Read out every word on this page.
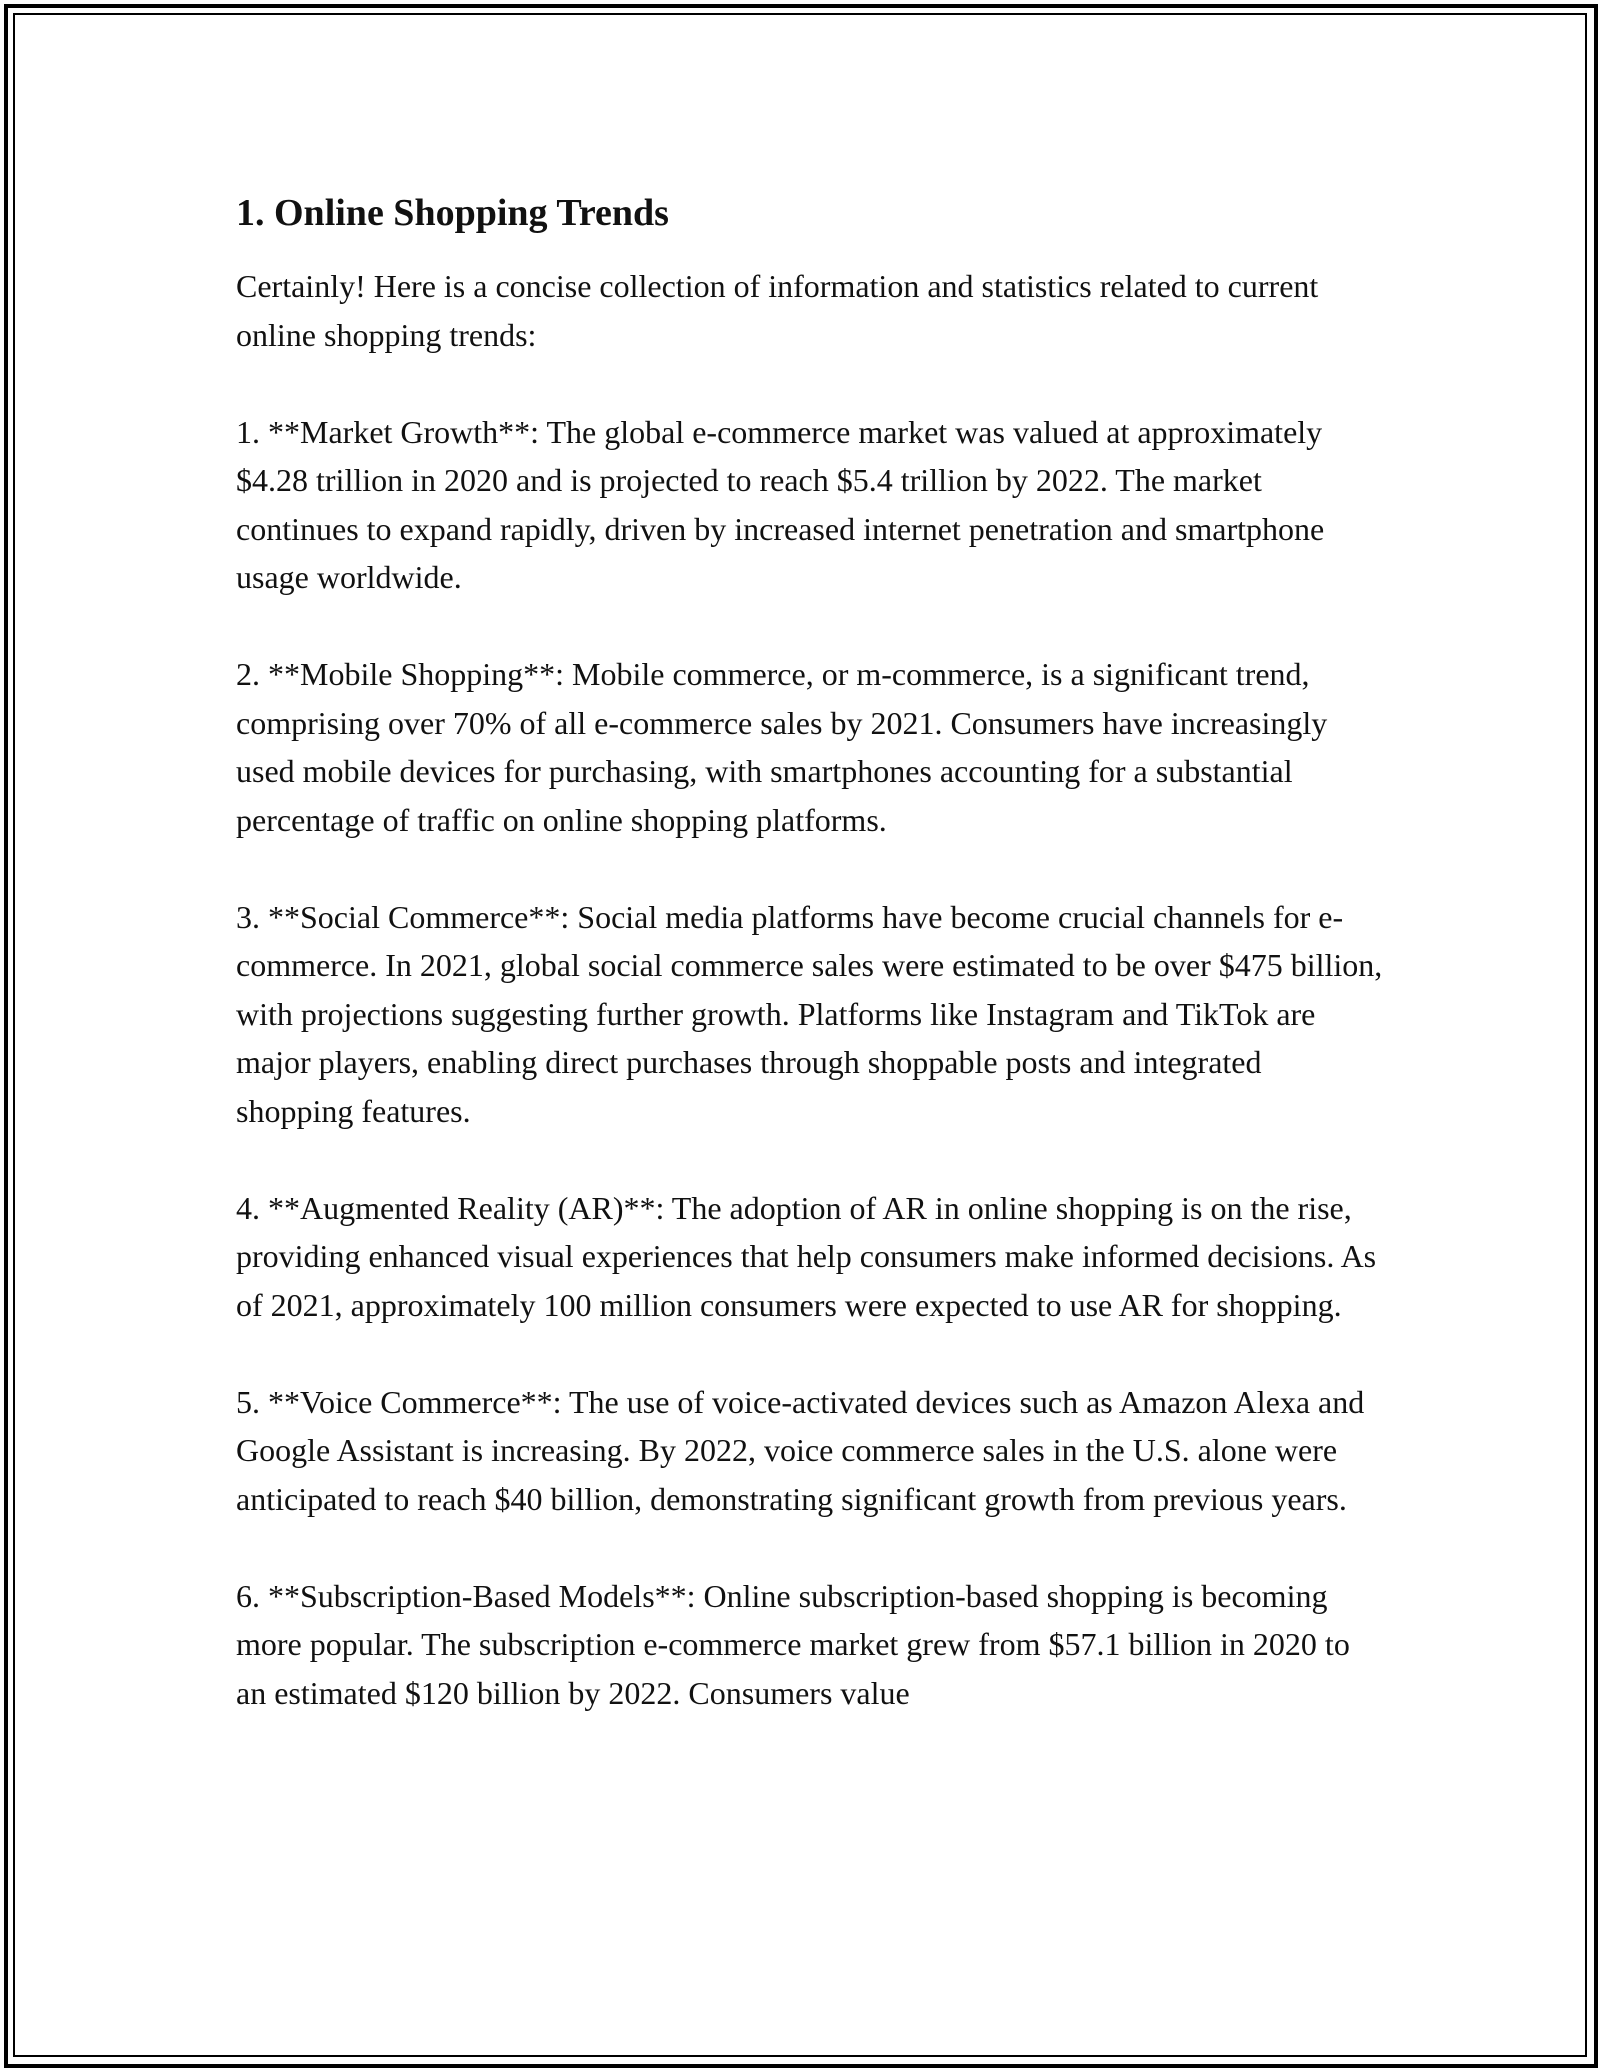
1. Online Shopping Trends

Certainly! Here is a concise collection of information and statistics related to current online shopping trends:

1. **Market Growth**: The global e-commerce market was valued at approximately $4.28 trillion in 2020 and is projected to reach $5.4 trillion by 2022. The market continues to expand rapidly, driven by increased internet penetration and smartphone usage worldwide.

2. **Mobile Shopping**: Mobile commerce, or m-commerce, is a significant trend, comprising over 70% of all e-commerce sales by 2021. Consumers have increasingly used mobile devices for purchasing, with smartphones accounting for a substantial percentage of traffic on online shopping platforms.

3. **Social Commerce**: Social media platforms have become crucial channels for e-commerce. In 2021, global social commerce sales were estimated to be over $475 billion, with projections suggesting further growth. Platforms like Instagram and TikTok are major players, enabling direct purchases through shoppable posts and integrated shopping features.

4. **Augmented Reality (AR)**: The adoption of AR in online shopping is on the rise, providing enhanced visual experiences that help consumers make informed decisions. As of 2021, approximately 100 million consumers were expected to use AR for shopping.

5. **Voice Commerce**: The use of voice-activated devices such as Amazon Alexa and Google Assistant is increasing. By 2022, voice commerce sales in the U.S. alone were anticipated to reach $40 billion, demonstrating significant growth from previous years.

6. **Subscription-Based Models**: Online subscription-based shopping is becoming more popular. The subscription e-commerce market grew from $57.1 billion in 2020 to an estimated $120 billion by 2022. Consumers value
